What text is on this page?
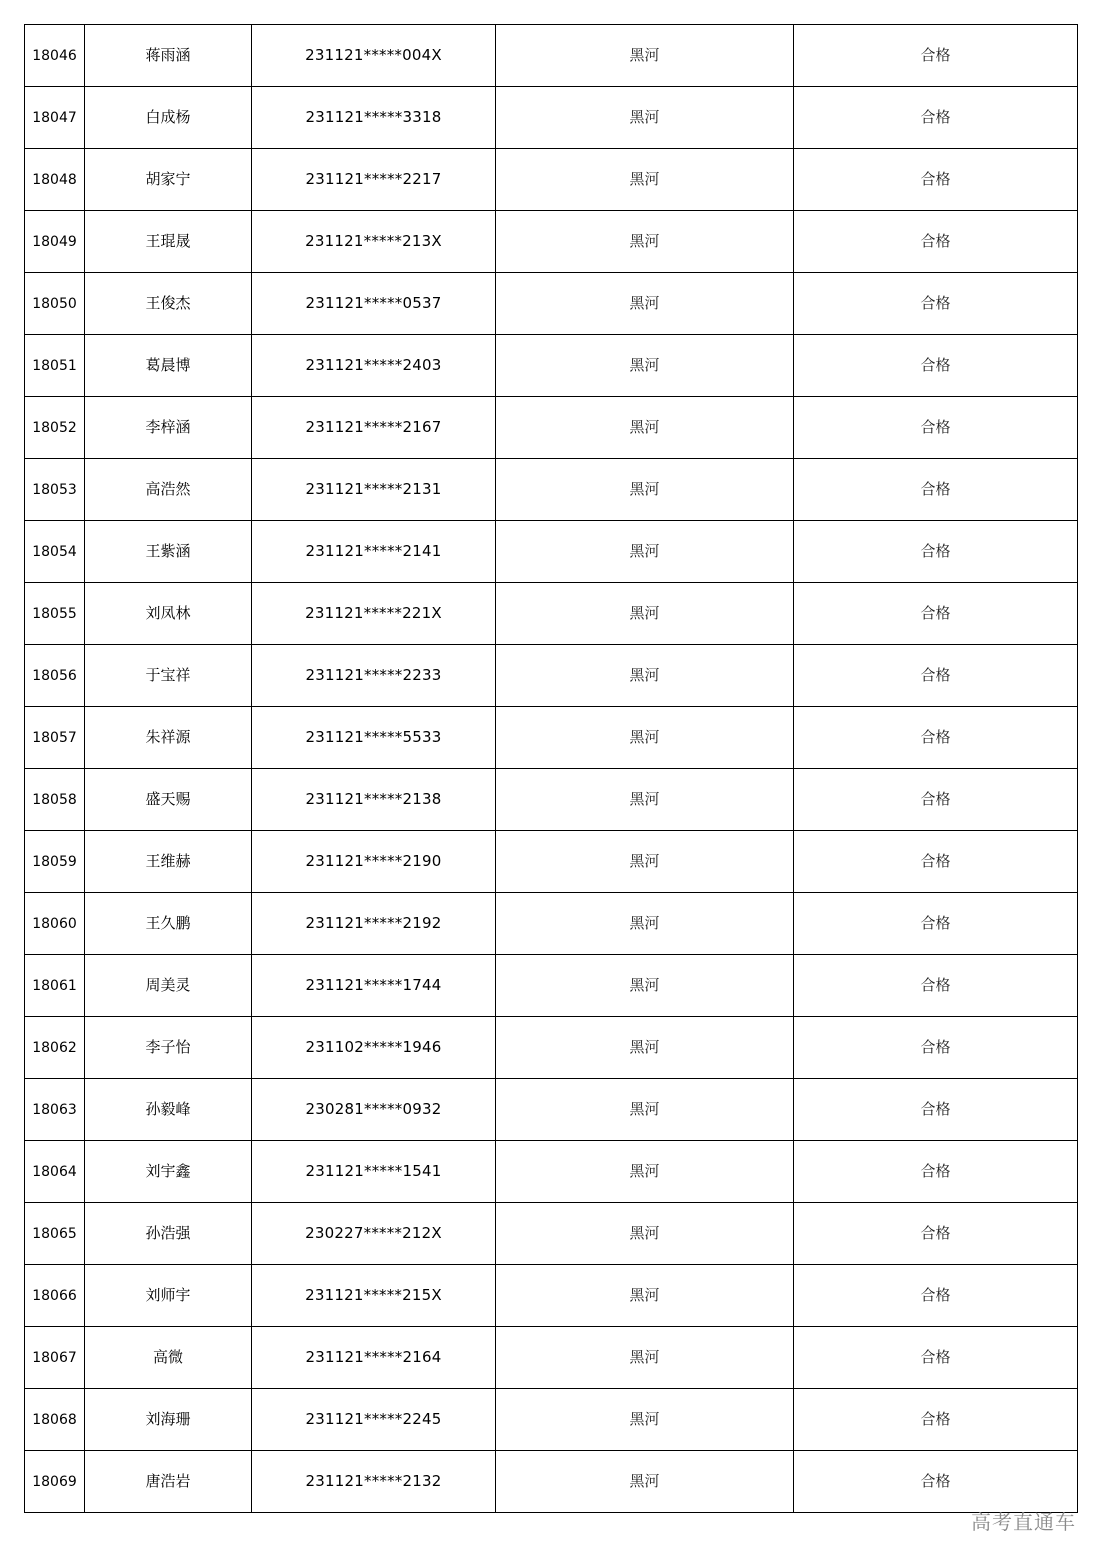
18046	蒋雨涵	231121*****004X	黑河	合格
18047	白成杨	231121*****3318	黑河	合格
18048	胡家宁	231121*****2217	黑河	合格
18049	王琨晟	231121*****213X	黑河	合格
18050	王俊杰	231121*****0537	黑河	合格
18051	葛晨博	231121*****2403	黑河	合格
18052	李梓涵	231121*****2167	黑河	合格
18053	高浩然	231121*****2131	黑河	合格
18054	王紫涵	231121*****2141	黑河	合格
18055	刘凤林	231121*****221X	黑河	合格
18056	于宝祥	231121*****2233	黑河	合格
18057	朱祥源	231121*****5533	黑河	合格
18058	盛天赐	231121*****2138	黑河	合格
18059	王维赫	231121*****2190	黑河	合格
18060	王久鹏	231121*****2192	黑河	合格
18061	周美灵	231121*****1744	黑河	合格
18062	李子怡	231102*****1946	黑河	合格
18063	孙毅峰	230281*****0932	黑河	合格
18064	刘宇鑫	231121*****1541	黑河	合格
18065	孙浩强	230227*****212X	黑河	合格
18066	刘师宇	231121*****215X	黑河	合格
18067	高微	231121*****2164	黑河	合格
18068	刘海珊	231121*****2245	黑河	合格
18069	唐浩岩	231121*****2132	黑河	合格
高考直通车
